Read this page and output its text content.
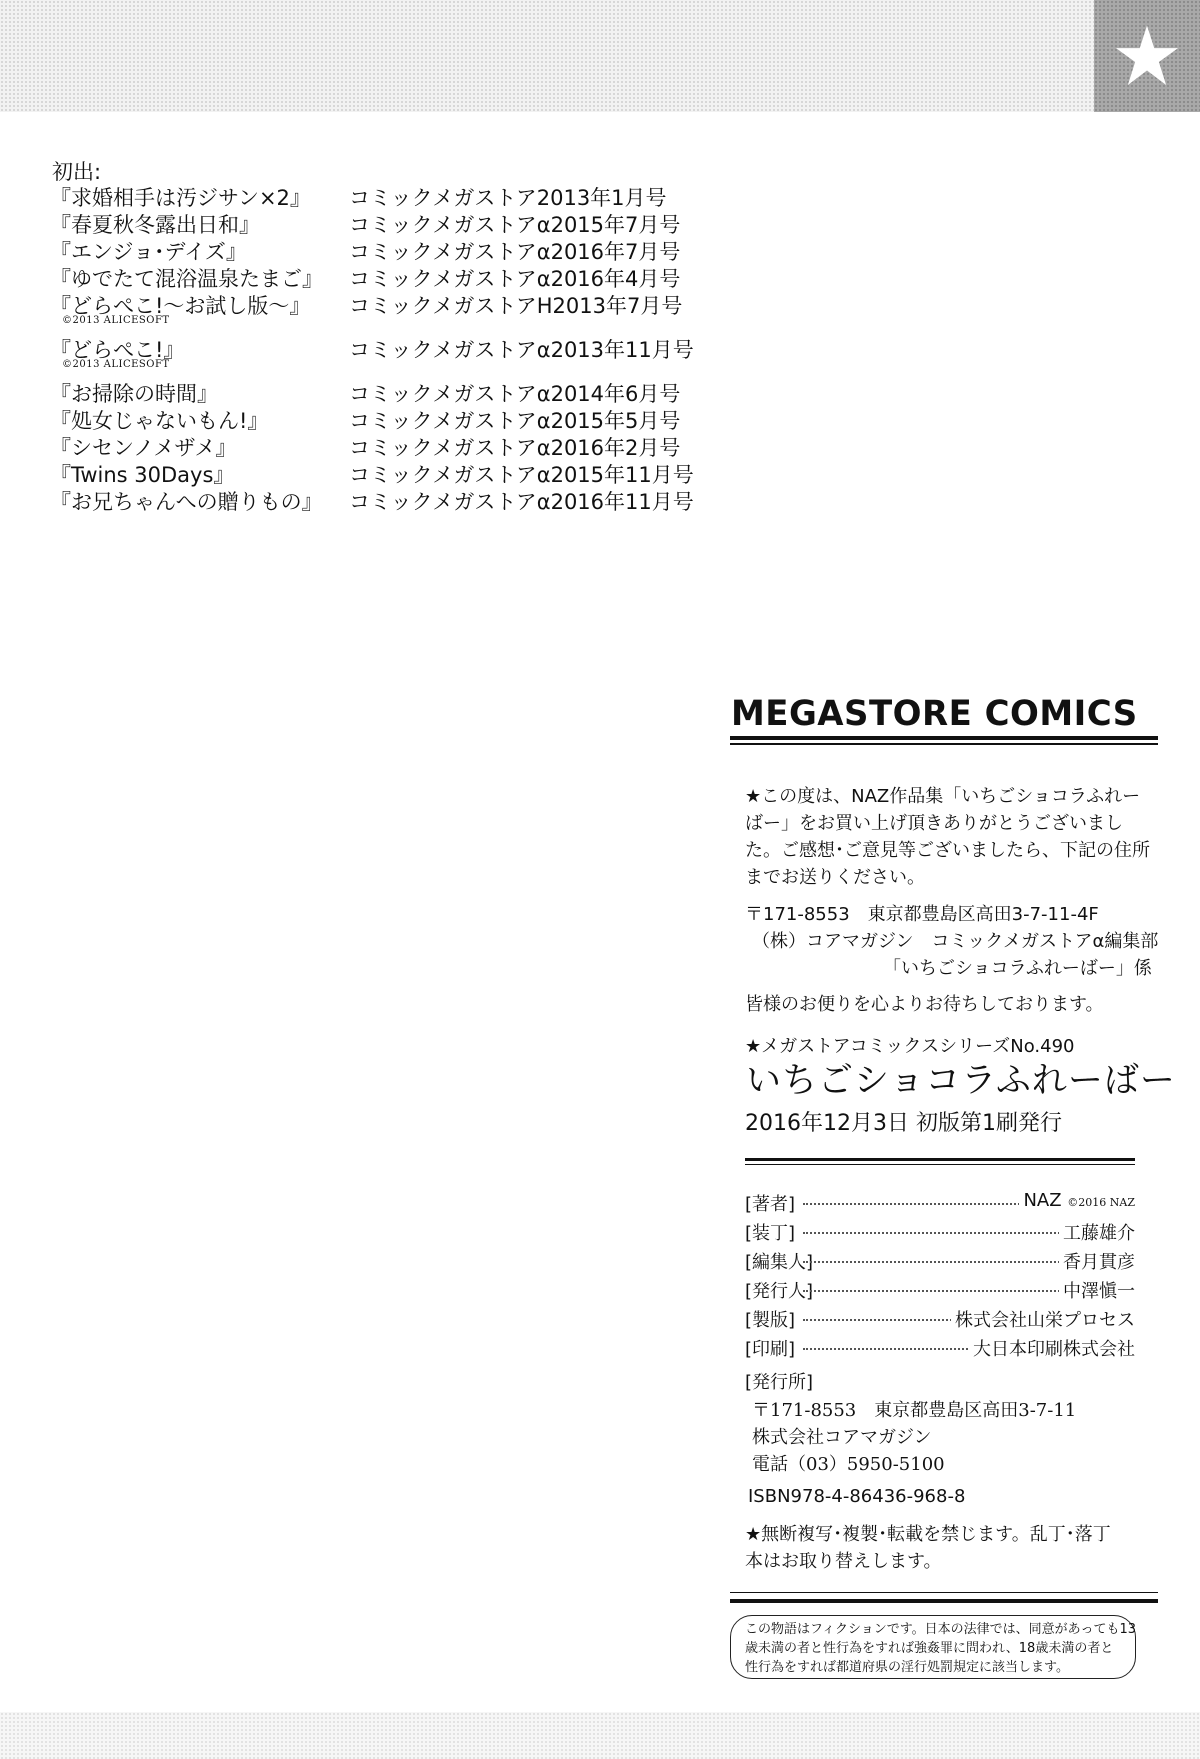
初出:
『求婚相手は汚ジサン×2』 コミックメガストア2013年1月号
『春夏秋冬露出日和』	コミックメガストアα2015年7月号
『エンジョ･デイズ』	コミックメガストアα2016年7月号
『ゆでたて混浴温泉たまご』 コミックメガストアα2016年4月号
『どらぺこ!〜お試し版〜』 コミックメガストアH2013年7月号
©2013 ALICESOFT
『どらぺこ!』	コミックメガストアα2013年11月号
©2013 ALICESOFT
『お掃除の時間』	コミックメガストアα2014年6月号
『処女じゃないもん!』	コミックメガストアα2015年5月号
『シセンノメザメ』	コミックメガストアα2016年2月号
『Twins 30Days』	コミックメガストアα2015年11月号
『お兄ちゃんへの贈りもの』 コミックメガストアα2016年11月号
MEGASTORE COMICS
★この度は、NAZ作品集「いちごショコラふれー
ばー」をお買い上げ頂きありがとうございまし
た。ご感想･ご意見等ございましたら、下記の住所
までお送りください。
〒171-8553　東京都豊島区高田3-7-11-4F
（株）コアマガジン　コミックメガストアα編集部
「いちごショコラふれーばー」係
皆様のお便りを心よりお待ちしております。
★メガストアコミックスシリーズNo.490
いちごショコラふれーばー
2016年12月3日 初版第1刷発行
[著者]	NAZ ©2016 NAZ
[装丁]	工藤雄介
[編集人]	香月貫彦
[発行人]	中澤愼一
[製版]	株式会社山栄プロセス
[印刷]	大日本印刷株式会社
[発行所]
〒171-8553　東京都豊島区高田3-7-11
株式会社コアマガジン
電話（03）5950-5100
ISBN978-4-86436-968-8
★無断複写･複製･転載を禁じます。乱丁･落丁
本はお取り替えします。
この物語はフィクションです。日本の法律では、同意があっても13
歳未満の者と性行為をすれば強姦罪に問われ、18歳未満の者と
性行為をすれば都道府県の淫行処罰規定に該当します。
